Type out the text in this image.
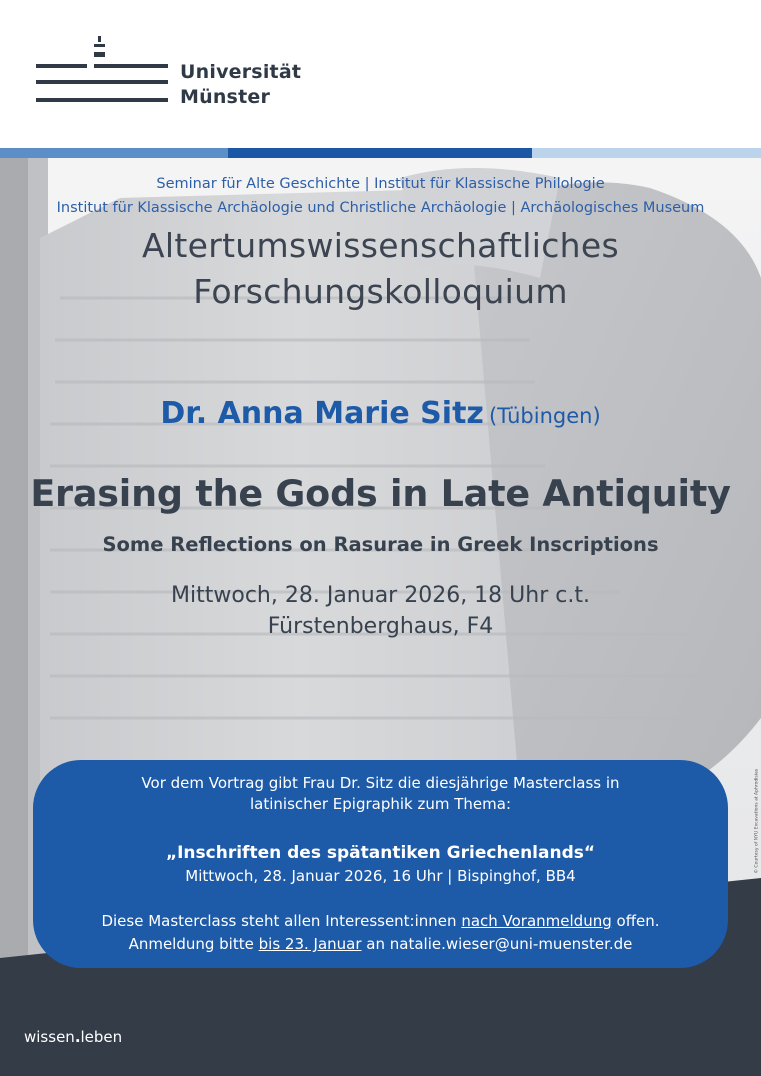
Universität
Münster
Seminar für Alte Geschichte | Institut für Klassische Philologie
Institut für Klassische Archäologie und Christliche Archäologie | Archäologisches Museum
Altertumswissenschaftliches
Forschungskolloquium
Dr. Anna Marie Sitz (Tübingen)
Erasing the Gods in Late Antiquity
Some Reflections on Rasurae in Greek Inscriptions
Mittwoch, 28. Januar 2026, 18 Uhr c.t.
Fürstenberghaus, F4
© Courtesy of NYU Excavations at Aphrodisias
Vor dem Vortrag gibt Frau Dr. Sitz die diesjährige Masterclass in
latinischer Epigraphik zum Thema:
„Inschriften des spätantiken Griechenlands“
Mittwoch, 28. Januar 2026, 16 Uhr | Bispinghof, BB4
Diese Masterclass steht allen Interessent:innen nach Voranmeldung offen.
Anmeldung bitte bis 23. Januar an natalie.wieser@uni-muenster.de
wissen.leben
